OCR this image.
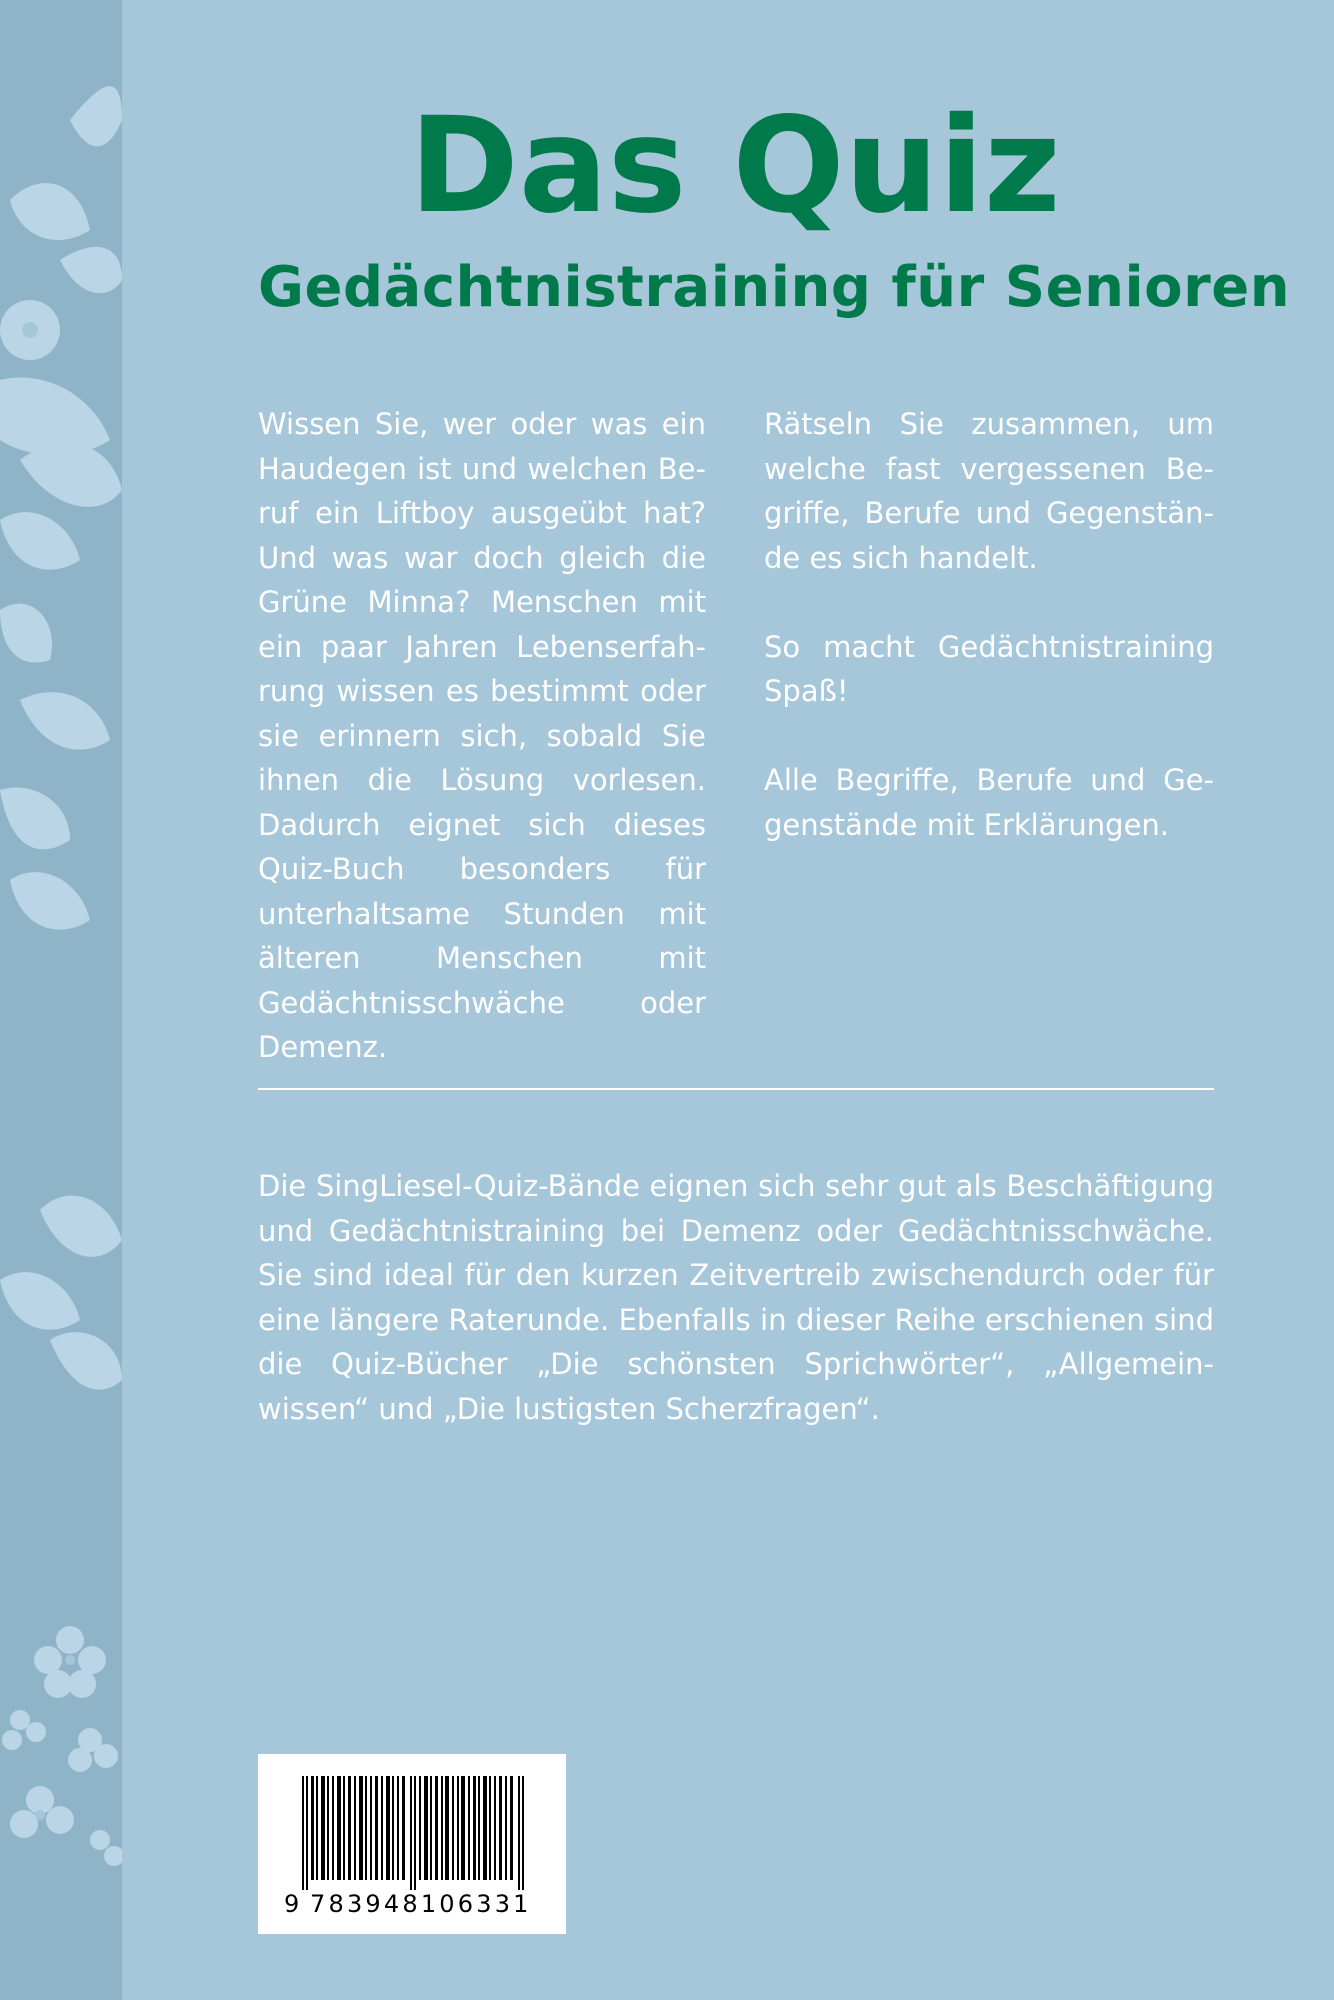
Das Quiz
Gedächtnistraining für Senioren

Wissen Sie, wer oder was ein Haudegen ist und welchen Beruf ein Liftboy ausgeübt hat? Und was war doch gleich die Grüne Minna? Menschen mit ein paar Jahren Lebenserfahrung wissen es bestimmt oder sie erinnern sich, sobald Sie ihnen die Lösung vorlesen. Dadurch eignet sich dieses Quiz-Buch besonders für unterhaltsame Stunden mit älteren Menschen mit Gedächtnisschwäche oder Demenz.

Rätseln Sie zusammen, um welche fast vergessenen Begriffe, Berufe und Gegenstände es sich handelt.

So macht Gedächtnistraining Spaß!

Alle Begriffe, Berufe und Gegenstände mit Erklärungen.

Die SingLiesel-Quiz-Bände eignen sich sehr gut als Beschäftigung und Gedächtnistraining bei Demenz oder Gedächtnisschwäche. Sie sind ideal für den kurzen Zeitvertreib zwischendurch oder für eine längere Raterunde. Ebenfalls in dieser Reihe erschienen sind die Quiz-Bücher „Die schönsten Sprichwörter“, „Allgemeinwissen“ und „Die lustigsten Scherzfragen“.

9 783948106331
